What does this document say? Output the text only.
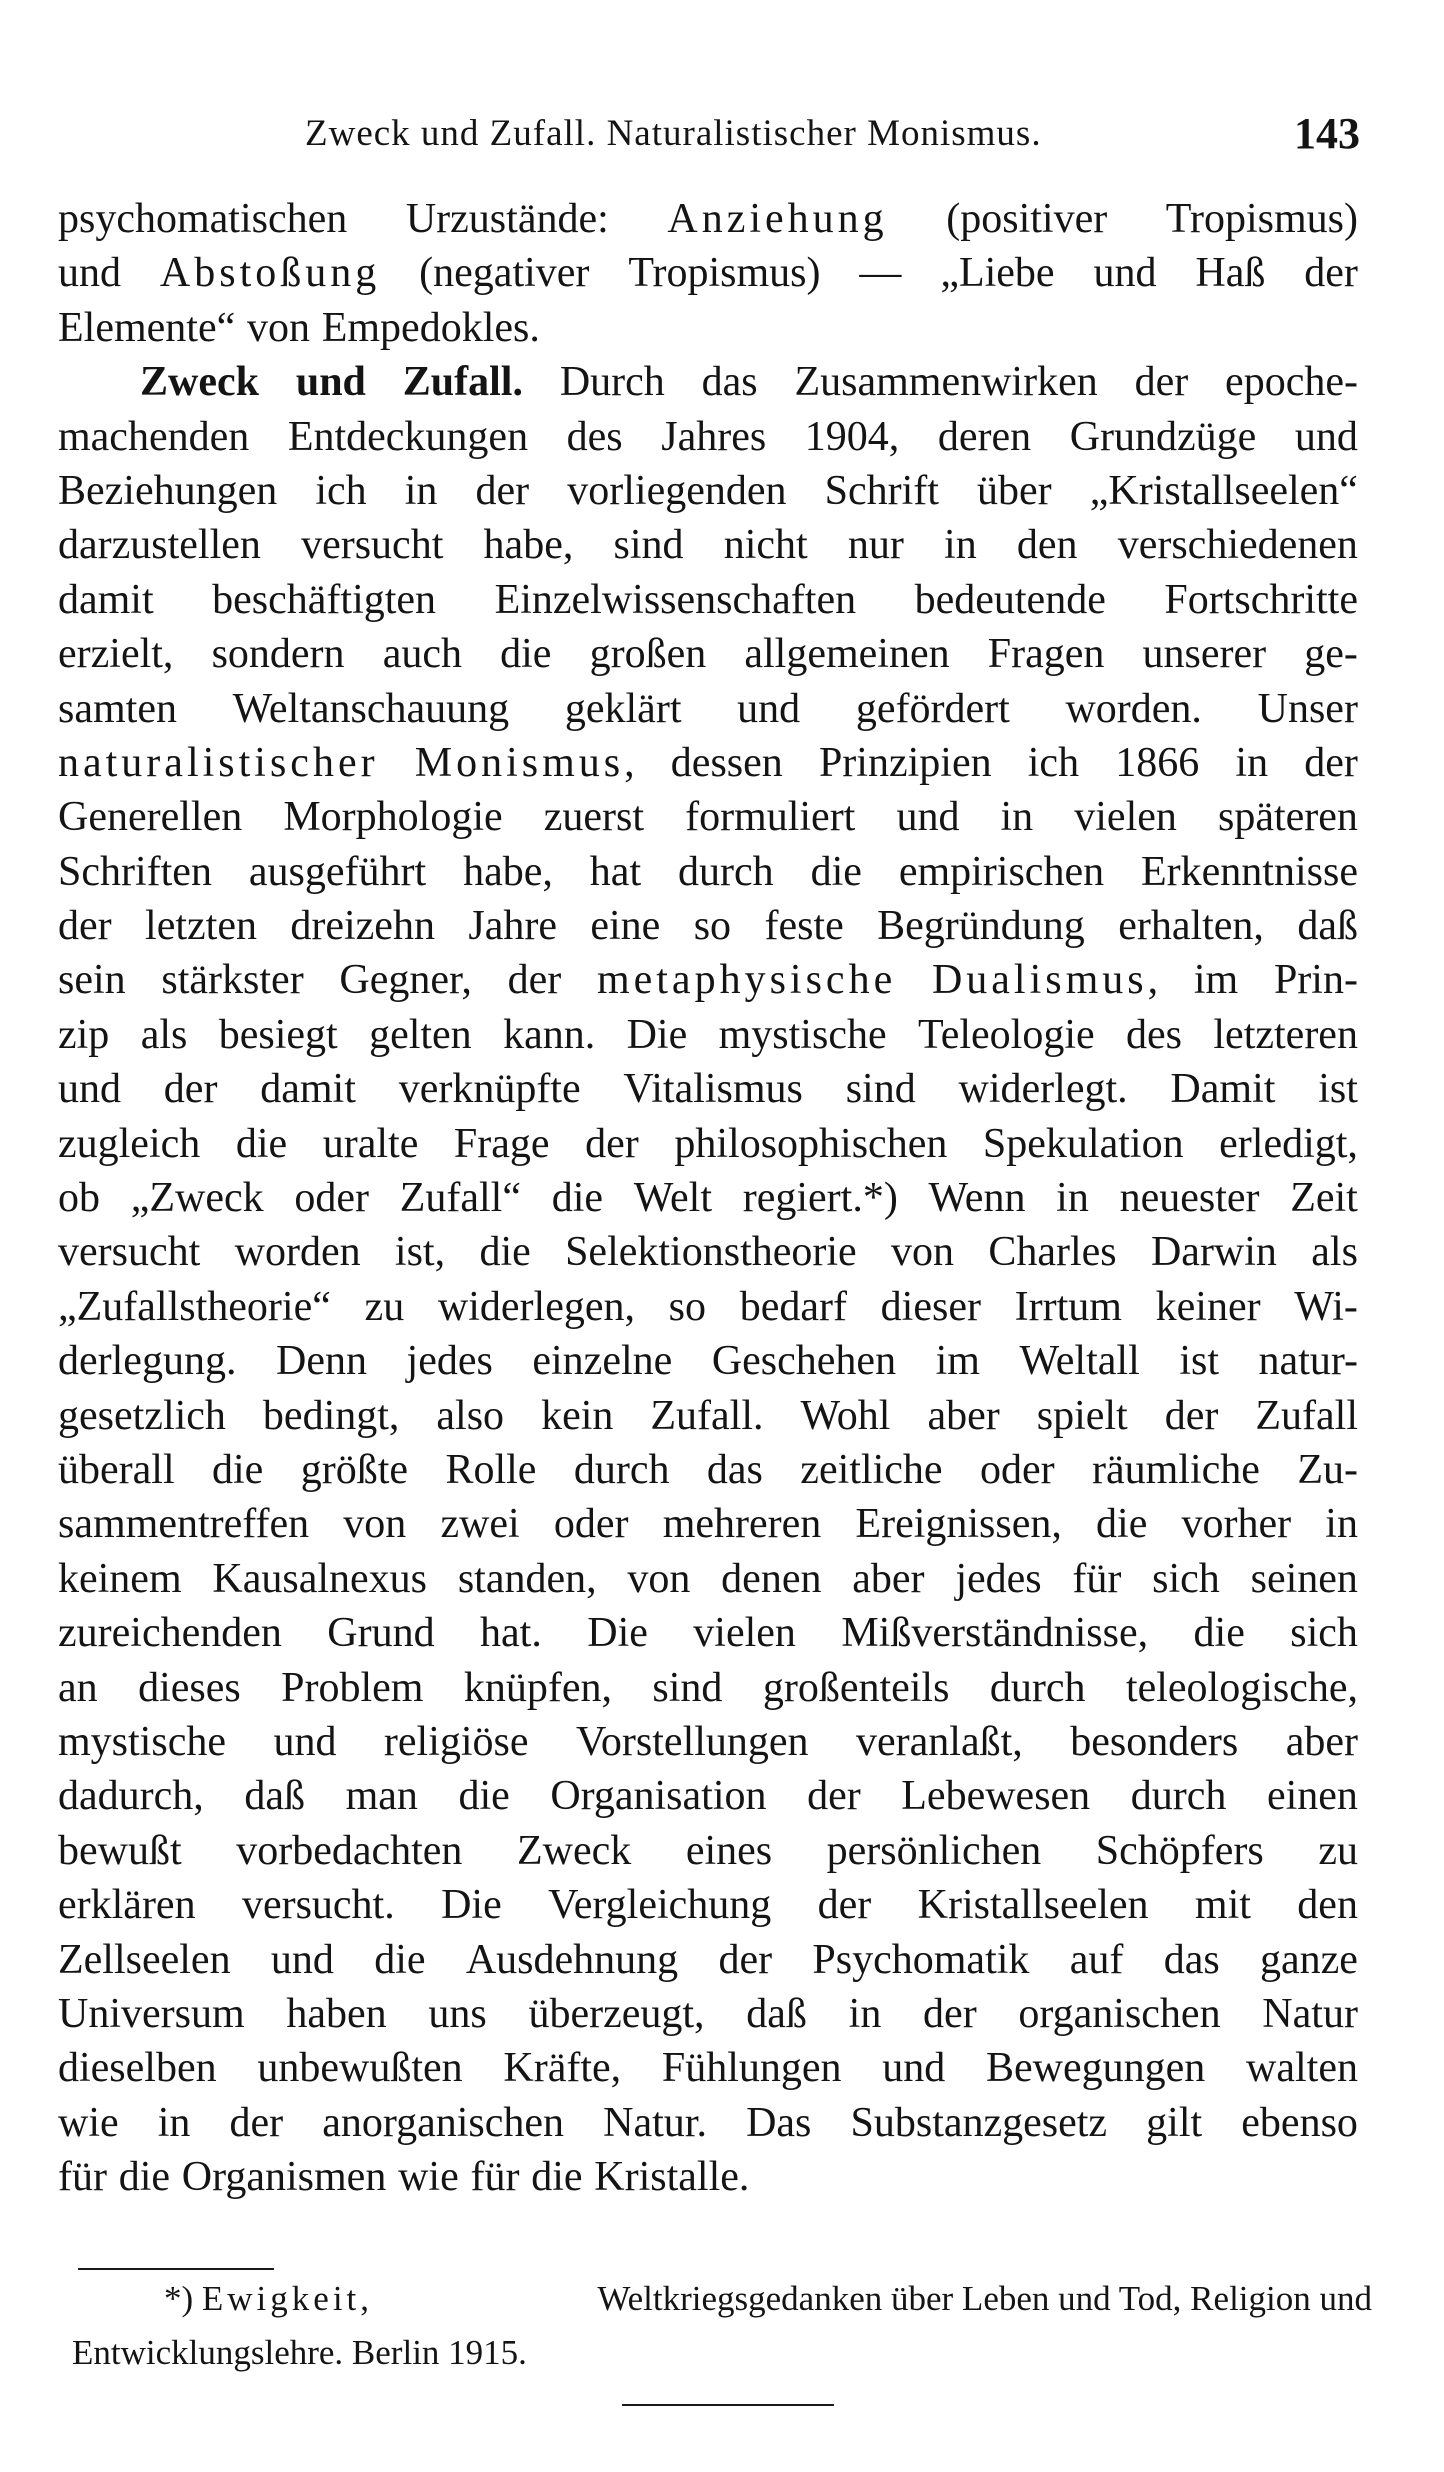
Zweck und Zufall. Naturalistischer Monismus.	143
psychomatischen Urzustände: Anziehung (positiver Tropismus)
und Abstoßung (negativer Tropismus) — „Liebe und Haß der
Elemente“ von Empedokles.
Zweck und Zufall. Durch das Zusammenwirken der epoche-
machenden Entdeckungen des Jahres 1904, deren Grundzüge und
Beziehungen ich in der vorliegenden Schrift über „Kristallseelen“
darzustellen versucht habe, sind nicht nur in den verschiedenen
damit beschäftigten Einzelwissenschaften bedeutende Fortschritte
erzielt, sondern auch die großen allgemeinen Fragen unserer ge-
samten Weltanschauung geklärt und gefördert worden. Unser
naturalistischer Monismus, dessen Prinzipien ich 1866 in der
Generellen Morphologie zuerst formuliert und in vielen späteren
Schriften ausgeführt habe, hat durch die empirischen Erkenntnisse
der letzten dreizehn Jahre eine so feste Begründung erhalten, daß
sein stärkster Gegner, der metaphysische Dualismus, im Prin-
zip als besiegt gelten kann. Die mystische Teleologie des letzteren
und der damit verknüpfte Vitalismus sind widerlegt. Damit ist
zugleich die uralte Frage der philosophischen Spekulation erledigt,
ob „Zweck oder Zufall“ die Welt regiert.*) Wenn in neuester Zeit
versucht worden ist, die Selektionstheorie von Charles Darwin als
„Zufallstheorie“ zu widerlegen, so bedarf dieser Irrtum keiner Wi-
derlegung. Denn jedes einzelne Geschehen im Weltall ist natur-
gesetzlich bedingt, also kein Zufall. Wohl aber spielt der Zufall
überall die größte Rolle durch das zeitliche oder räumliche Zu-
sammentreffen von zwei oder mehreren Ereignissen, die vorher in
keinem Kausalnexus standen, von denen aber jedes für sich seinen
zureichenden Grund hat. Die vielen Mißverständnisse, die sich
an dieses Problem knüpfen, sind großenteils durch teleologische,
mystische und religiöse Vorstellungen veranlaßt, besonders aber
dadurch, daß man die Organisation der Lebewesen durch einen
bewußt vorbedachten Zweck eines persönlichen Schöpfers zu
erklären versucht. Die Vergleichung der Kristallseelen mit den
Zellseelen und die Ausdehnung der Psychomatik auf das ganze
Universum haben uns überzeugt, daß in der organischen Natur
dieselben unbewußten Kräfte, Fühlungen und Bewegungen walten
wie in der anorganischen Natur. Das Substanzgesetz gilt ebenso
für die Organismen wie für die Kristalle.
*) Ewigkeit,	Weltkriegsgedanken über Leben und Tod, Religion und
Entwicklungslehre. Berlin 1915.
